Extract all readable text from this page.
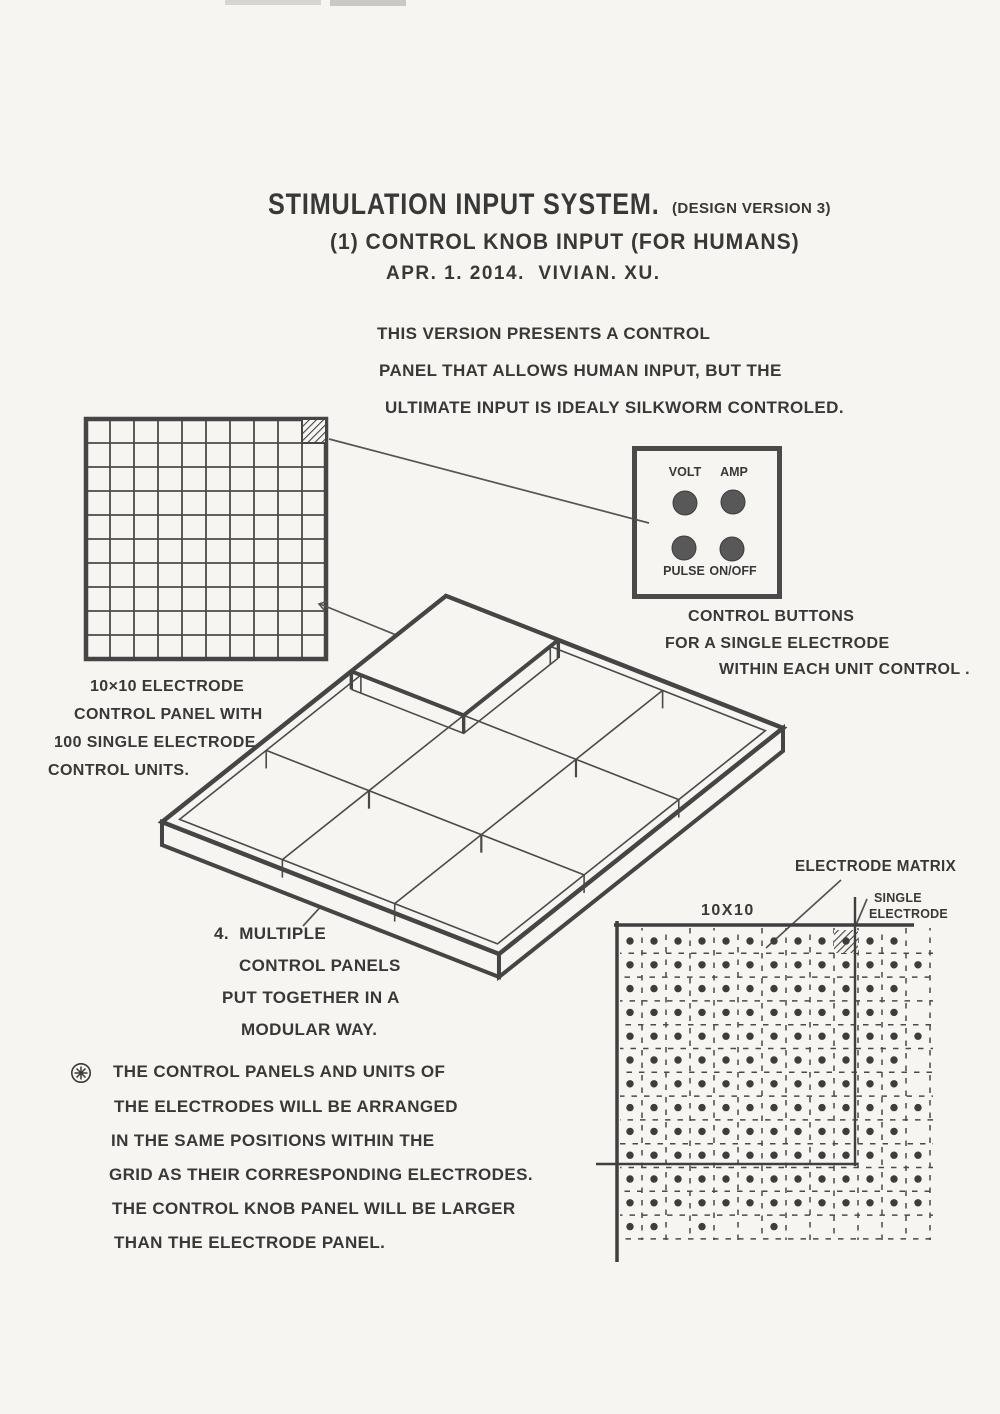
STIMULATION INPUT SYSTEM. (DESIGN VERSION 3)
(1) CONTROL KNOB INPUT (FOR HUMANS)
APR. 1. 2014.  VIVIAN. XU.
THIS VERSION PRESENTS A CONTROL
PANEL THAT ALLOWS HUMAN INPUT, BUT THE
ULTIMATE INPUT IS IDEALY SILKWORM CONTROLED.
10×10 ELECTRODE
CONTROL PANEL WITH
100 SINGLE ELECTRODE
CONTROL UNITS.
VOLT AMP
PULSE ON/OFF
CONTROL BUTTONS
FOR A SINGLE ELECTRODE
WITHIN EACH UNIT CONTROL .
4.  MULTIPLE
CONTROL PANELS
PUT TOGETHER IN A
MODULAR WAY.
THE CONTROL PANELS AND UNITS OF
THE ELECTRODES WILL BE ARRANGED
IN THE SAME POSITIONS WITHIN THE
GRID AS THEIR CORRESPONDING ELECTRODES.
THE CONTROL KNOB PANEL WILL BE LARGER
THAN THE ELECTRODE PANEL.
ELECTRODE MATRIX
10X10
SINGLE
ELECTRODE
